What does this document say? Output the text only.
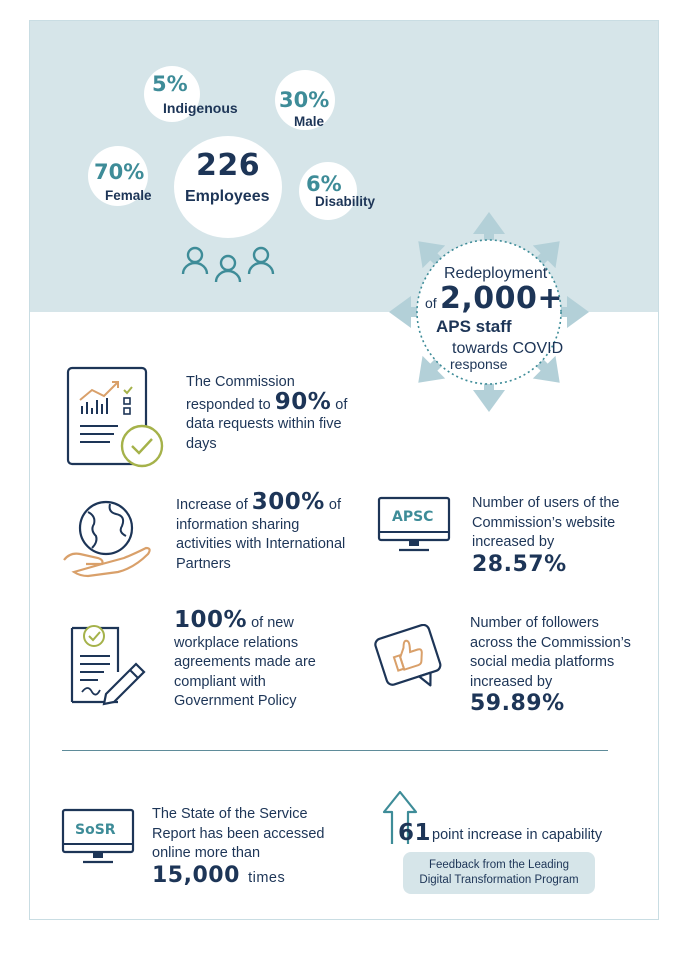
5%
Indigenous 30%
Male
70%
Female
226
Employees
6%
Disability
Redeployment
of 2,000+
APS staff
towards COVID
response
The Commission responded to 90% of data requests within five days
Increase of 300% of information sharing activities with International Partners
APSC
Number of users of the Commission’s website increased by
28.57%
100% of new workplace relations agreements made are compliant with Government Policy
Number of followers across the Commission’s social media platforms increased by
59.89%
SoSR
The State of the Service Report has been accessed online more than
15,000 times
61 point increase in capability
Feedback from the Leading Digital Transformation Program
